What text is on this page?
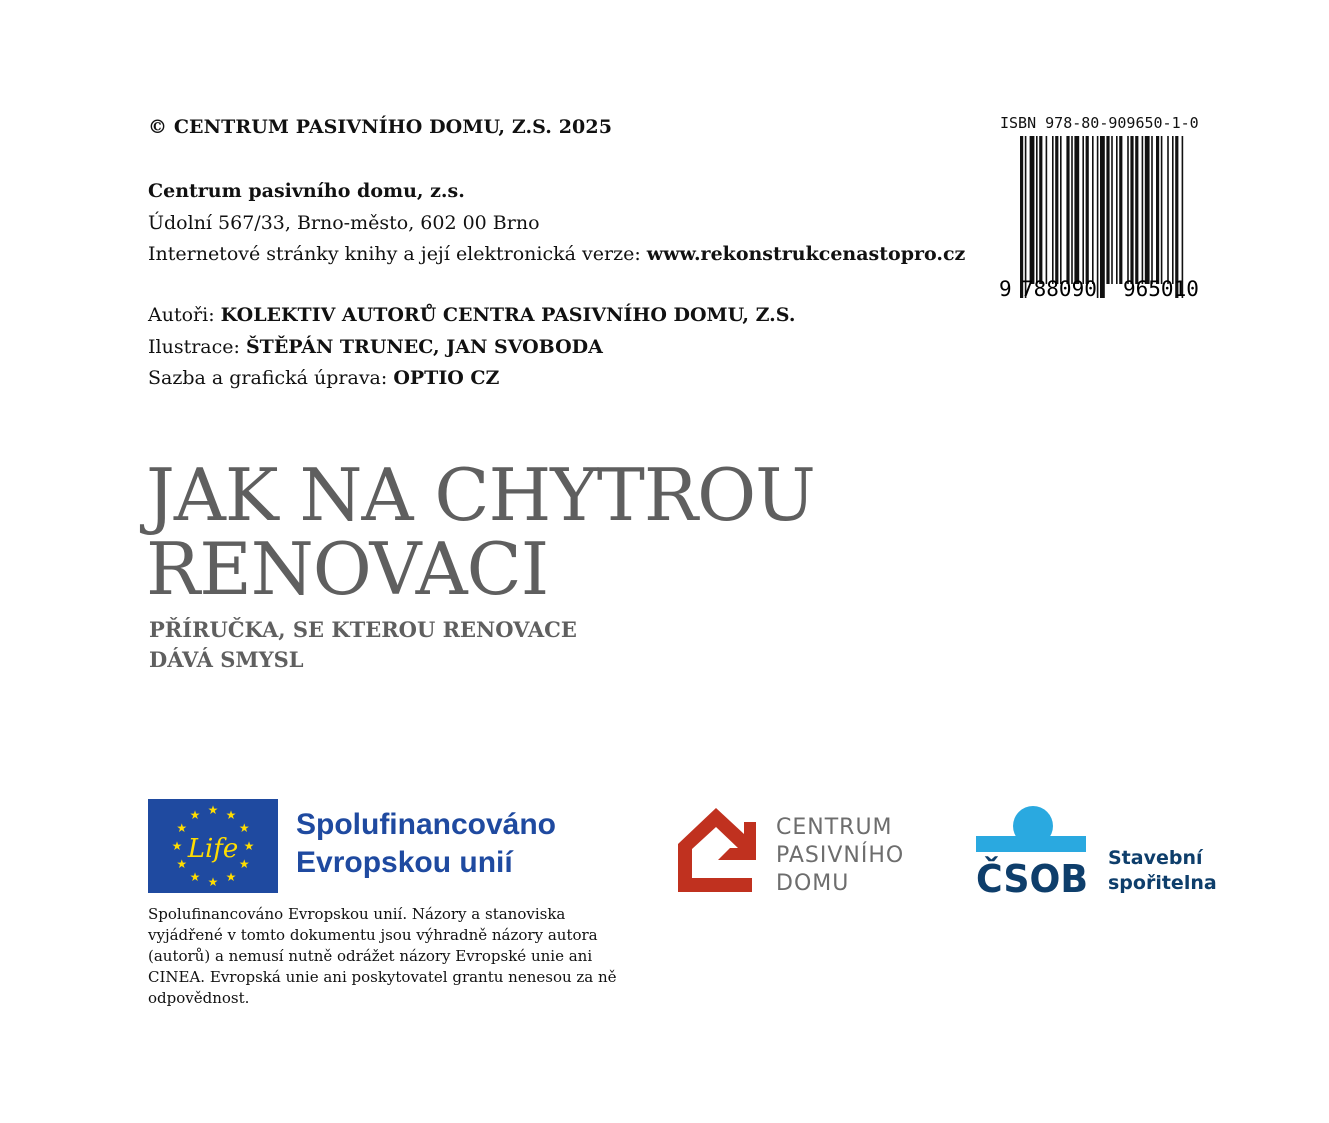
© CENTRUM PASIVNÍHO DOMU, Z.S. 2025
Centrum pasivního domu, z.s.
Údolní 567/33, Brno-město, 602 00 Brno
Internetové stránky knihy a její elektronická verze: www.rekonstrukcenastopro.cz
Autoři: KOLEKTIV AUTORŮ CENTRA PASIVNÍHO DOMU, Z.S.
Ilustrace: ŠTĚPÁN TRUNEC, JAN SVOBODA
Sazba a grafická úprava: OPTIO CZ
JAK NA CHYTROU
RENOVACI
PŘÍRUČKA, SE KTEROU RENOVACE
DÁVÁ SMYSL
ISBN 978-80-909650-1-0
9 788090 965010
★ ★
★
★
★
★
★
★
★
★
★
★
Life
Spolufinancováno
Evropskou unií
Spolufinancováno Evropskou unií. Názory a stanoviska vyjádřené v tomto dokumentu jsou výhradně názory autora (autorů) a nemusí nutně odrážet názory Evropské unie ani CINEA. Evropská unie ani poskytovatel grantu nenesou za ně odpovědnost.
CENTRUM
PASIVNÍHO
DOMU	ČSOB Stavební
spořitelna
